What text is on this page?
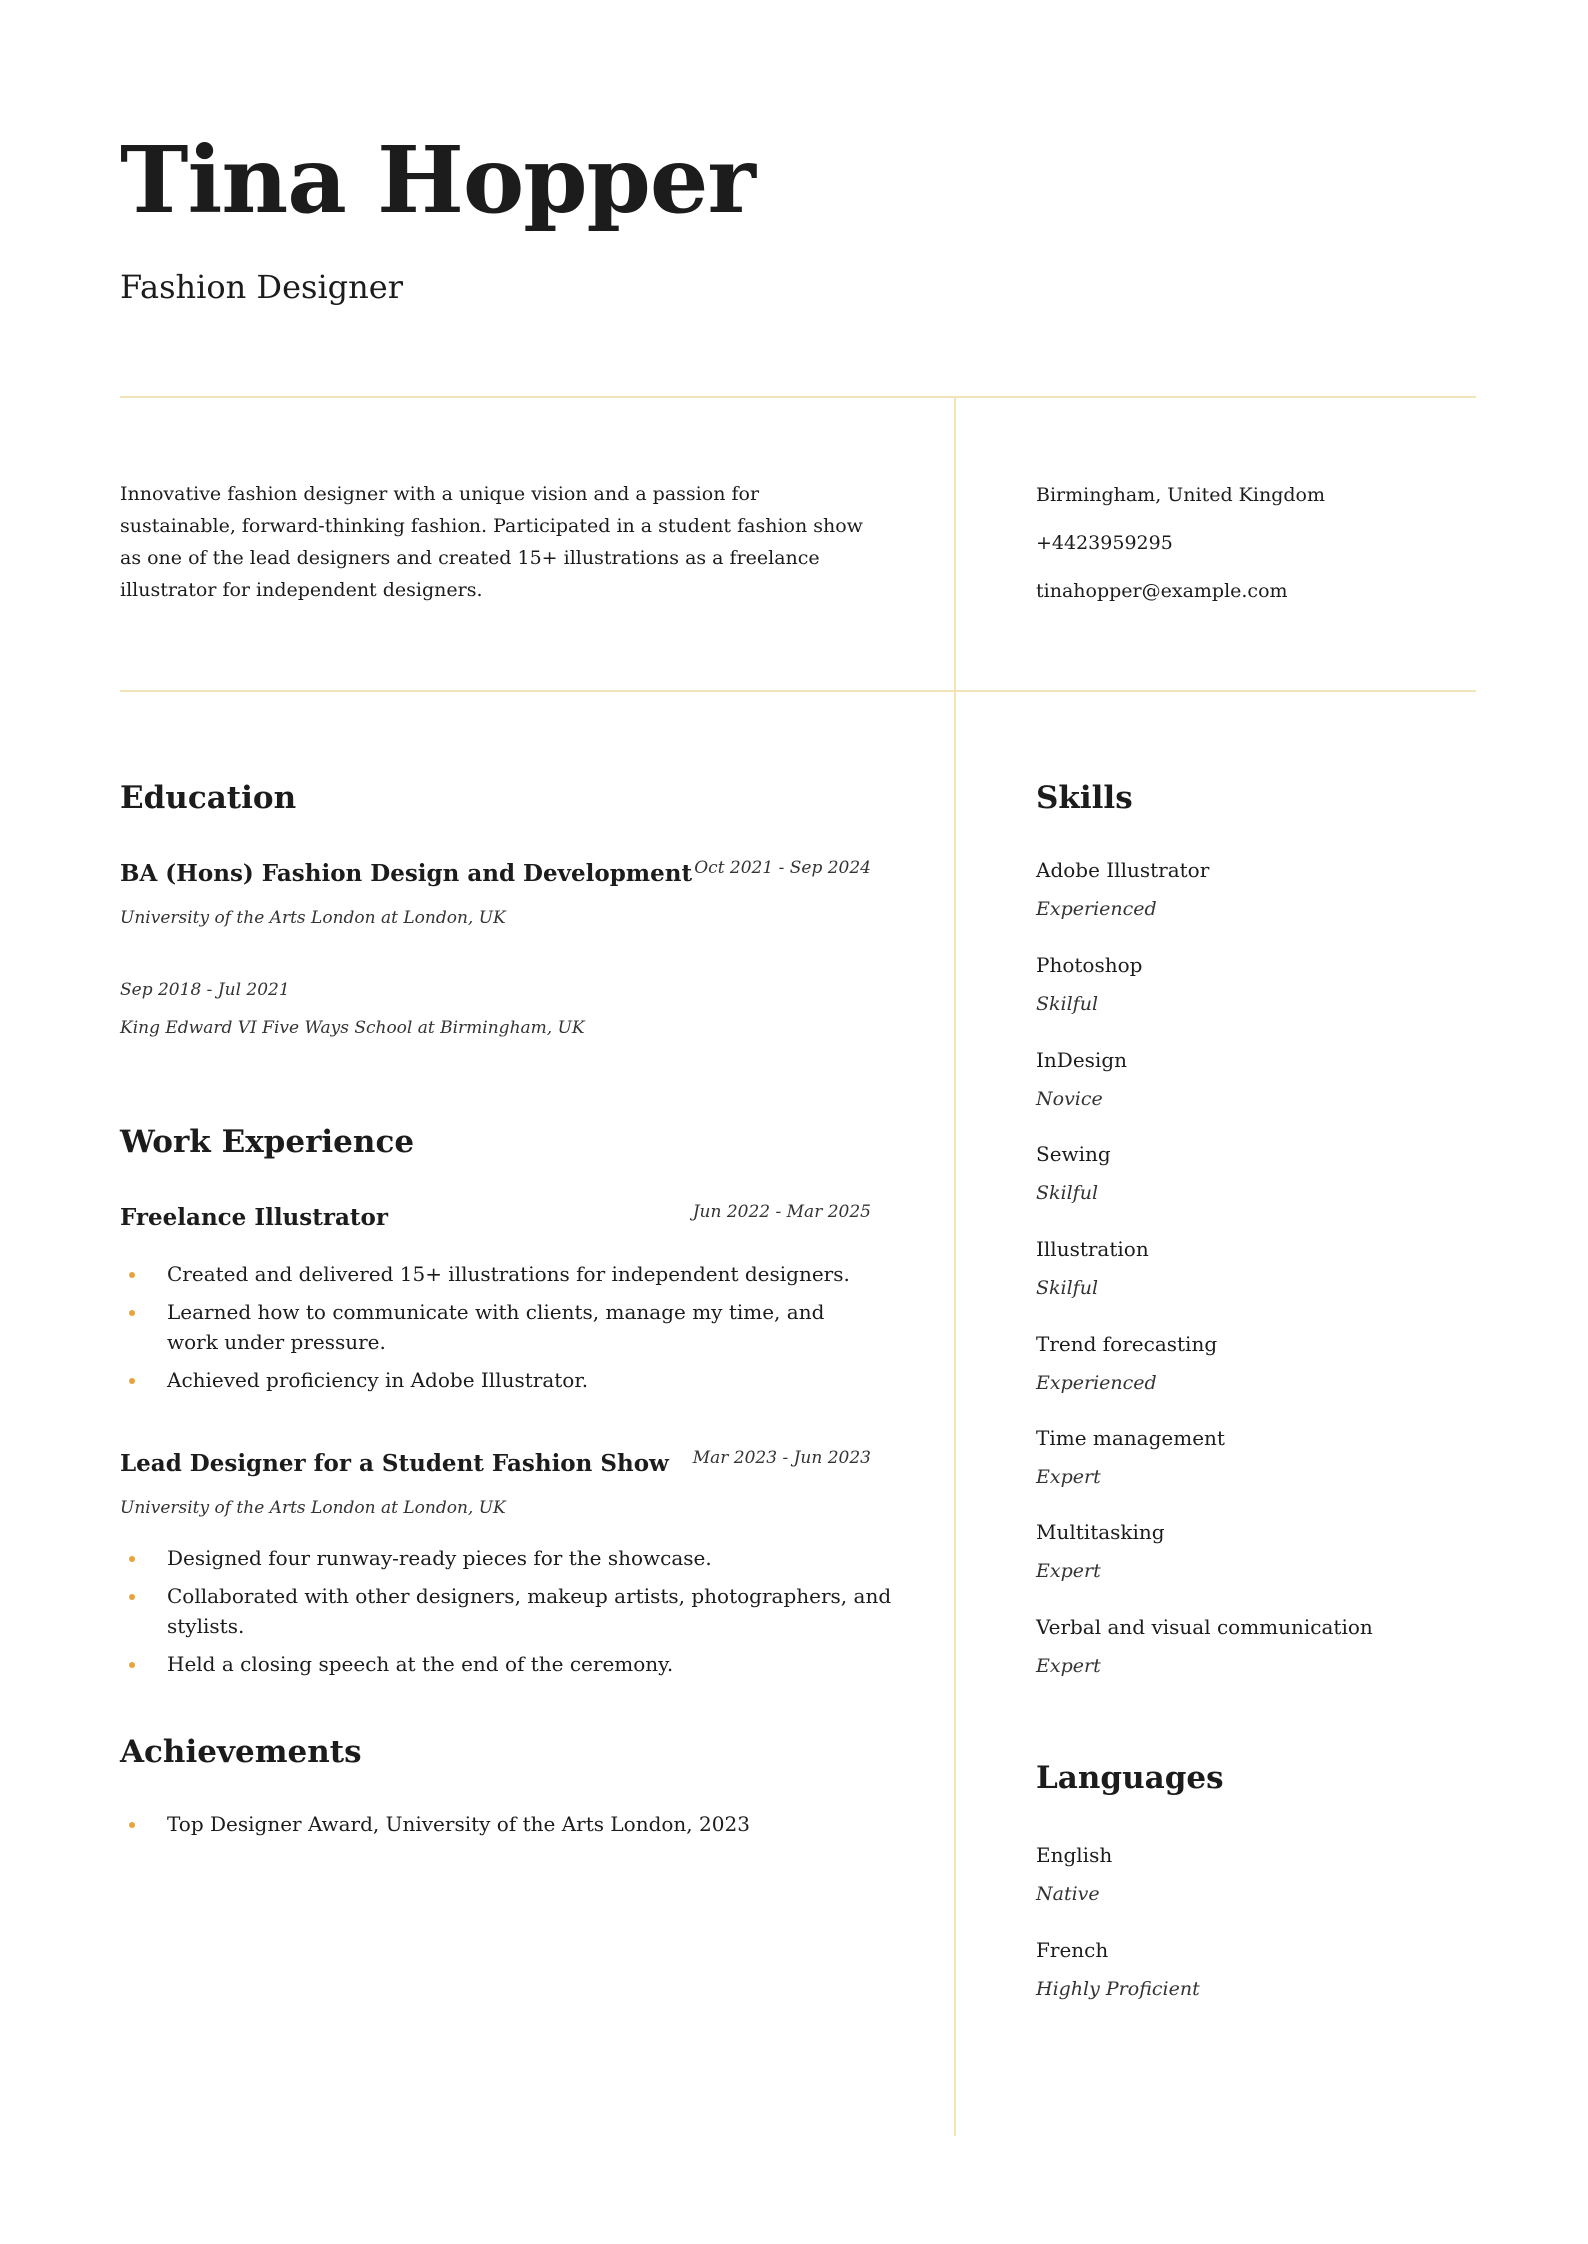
Tina Hopper
Fashion Designer

Innovative fashion designer with a unique vision and a passion for sustainable, forward-thinking fashion. Participated in a student fashion show as one of the lead designers and created 15+ illustrations as a freelance illustrator for independent designers.

Birmingham, United Kingdom
+4423959295
tinahopper@example.com
Education
BA (Hons) Fashion Design and Development Oct 2021 - Sep 2024
University of the Arts London at London, UK
Sep 2018 - Jul 2021
King Edward VI Five Ways School at Birmingham, UK
Work Experience
Freelance Illustrator	Jun 2022 - Mar 2025
Created and delivered 15+ illustrations for independent designers.
Learned how to communicate with clients, manage my time, and work under pressure.
Achieved proficiency in Adobe Illustrator.
Lead Designer for a Student Fashion Show Mar 2023 - Jun 2023
University of the Arts London at London, UK
Designed four runway-ready pieces for the showcase.
Collaborated with other designers, makeup artists, photographers, and stylists.
Held a closing speech at the end of the ceremony.
Achievements
Top Designer Award, University of the Arts London, 2023
Skills
Adobe Illustrator
Experienced
Photoshop
Skilful
InDesign
Novice
Sewing
Skilful
Illustration
Skilful
Trend forecasting
Experienced
Time management
Expert
Multitasking
Expert
Verbal and visual communication
Expert
Languages
English
Native
French
Highly Proficient
